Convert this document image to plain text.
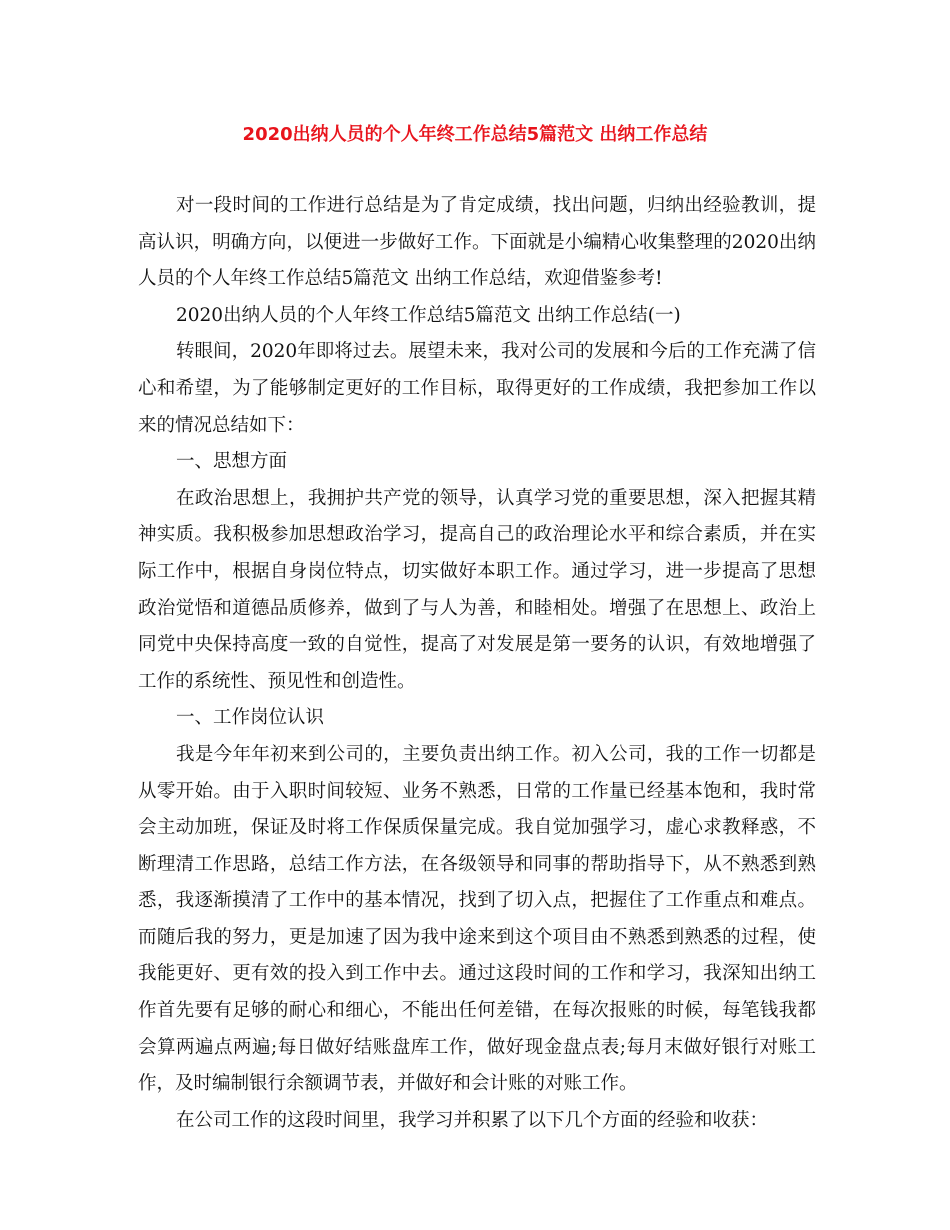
2020出纳人员的个人年终工作总结5篇范文 出纳工作总结

对一段时间的工作进行总结是为了肯定成绩，找出问题，归纳出经验教训，提高认识，明确方向，以便进一步做好工作。下面就是小编精心收集整理的2020出纳人员的个人年终工作总结5篇范文 出纳工作总结，欢迎借鉴参考!

2020出纳人员的个人年终工作总结5篇范文 出纳工作总结(一)

转眼间，2020年即将过去。展望未来，我对公司的发展和今后的工作充满了信心和希望，为了能够制定更好的工作目标，取得更好的工作成绩，我把参加工作以来的情况总结如下：

一、思想方面

在政治思想上，我拥护共产党的领导，认真学习党的重要思想，深入把握其精神实质。我积极参加思想政治学习，提高自己的政治理论水平和综合素质，并在实际工作中，根据自身岗位特点，切实做好本职工作。通过学习，进一步提高了思想政治觉悟和道德品质修养，做到了与人为善，和睦相处。增强了在思想上、政治上同党中央保持高度一致的自觉性，提高了对发展是第一要务的认识，有效地增强了工作的系统性、预见性和创造性。

一、工作岗位认识

我是今年年初来到公司的，主要负责出纳工作。初入公司，我的工作一切都是从零开始。由于入职时间较短、业务不熟悉，日常的工作量已经基本饱和，我时常会主动加班，保证及时将工作保质保量完成。我自觉加强学习，虚心求教释惑，不断理清工作思路，总结工作方法，在各级领导和同事的帮助指导下，从不熟悉到熟悉，我逐渐摸清了工作中的基本情况，找到了切入点，把握住了工作重点和难点。而随后我的努力，更是加速了因为我中途来到这个项目由不熟悉到熟悉的过程，使我能更好、更有效的投入到工作中去。通过这段时间的工作和学习，我深知出纳工作首先要有足够的耐心和细心，不能出任何差错，在每次报账的时候，每笔钱我都会算两遍点两遍;每日做好结账盘库工作，做好现金盘点表;每月末做好银行对账工作，及时编制银行余额调节表，并做好和会计账的对账工作。

在公司工作的这段时间里，我学习并积累了以下几个方面的经验和收获：
